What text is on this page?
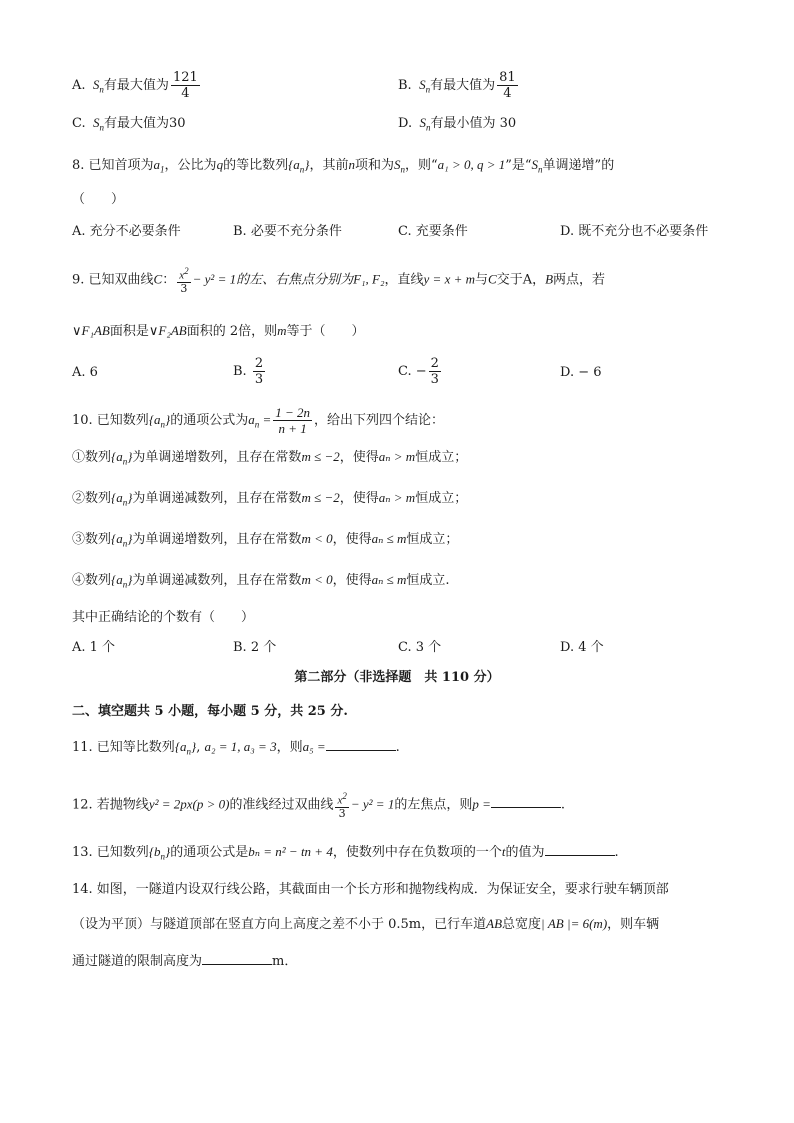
A.  $S_n$有最大值为 $\frac{121}{4}$	B.  $S_n$有最大值为 $\frac{81}{4}$
C.  $S_n$有最大值为30	D.  $S_n$有最小值为 30
8. 已知首项为$a_1$，公比为q的等比数列$\{a_n\}$，其前n项和为$S_n$，则“a₁ > 0, q > 1”是“$S_n$单调递增”的
（　　）
A. 充分不必要条件	B. 必要不充分条件	C. 充要条件	D. 既不充分也不必要条件
9. 已知双曲线C： $\frac{x^2}{3} - y^2 = 1$的左、右焦点分别为F₁, F₂，直线y = x + m与C交于A，B两点，若
∨F₁AB面积是∨F₂AB面积的 2倍，则m等于（　　）
A. 6	B. $\frac{2}{3}$	C. − $\frac{2}{3}$	D. − 6
10. 已知数列$\{a_n\}$的通项公式为$a_n = \frac{1 - 2n}{n + 1}$ ，给出下列四个结论：
①数列$\{a_n\}$为单调递增数列，且存在常数m ≤ −2，使得aₙ > m恒成立；
②数列$\{a_n\}$为单调递减数列，且存在常数m ≤ −2，使得aₙ > m恒成立；
③数列$\{a_n\}$为单调递增数列，且存在常数m < 0，使得aₙ ≤ m恒成立；
④数列$\{a_n\}$为单调递减数列，且存在常数m < 0，使得aₙ ≤ m恒成立.
其中正确结论的个数有（　　）
A. 1 个	B. 2 个	C. 3 个	D. 4 个
第二部分（非选择题　共 110 分）
二、填空题共 5 小题，每小题 5 分，共 25 分.
11. 已知等比数列$\{a_n\}$, a₂ = 1, a₃ = 3，则a₅ =	.
12. 若抛物线y² = 2px(p > 0)的准线经过双曲线 $\frac{x^2}{3} - y^2 = 1$的左焦点，则p =	.
13. 已知数列$\{b_n\}$的通项公式是bₙ = n² − tn + 4，使数列中存在负数项的一个t的值为	.
14. 如图，一隧道内设双行线公路，其截面由一个长方形和抛物线构成．为保证安全，要求行驶车辆顶部
（设为平顶）与隧道顶部在竖直方向上高度之差不小于 0.5m，已行车道AB总宽度| AB |= 6(m)，则车辆
通过隧道的限制高度为	m．
